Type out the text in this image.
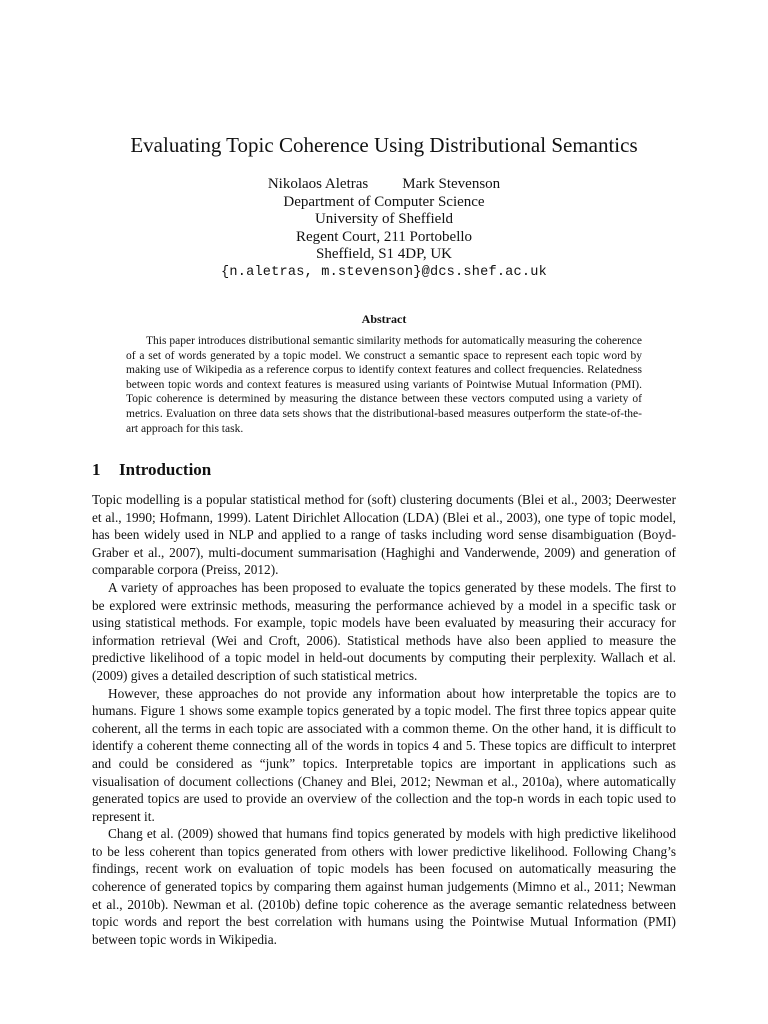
Evaluating Topic Coherence Using Distributional Semantics
Nikolaos Aletras Mark Stevenson
Department of Computer Science
University of Sheffield
Regent Court, 211 Portobello
Sheffield, S1 4DP, UK
{n.aletras, m.stevenson}@dcs.shef.ac.uk
Abstract

This paper introduces distributional semantic similarity methods for automatically measuring the coherence of a set of words generated by a topic model. We construct a semantic space to represent each topic word by making use of Wikipedia as a reference corpus to identify context features and collect frequencies. Relatedness between topic words and context features is measured using variants of Pointwise Mutual Information (PMI). Topic coherence is determined by measuring the distance between these vectors computed using a variety of metrics. Evaluation on three data sets shows that the distributional-based measures outperform the state-of-the-art approach for this task.

1 Introduction

Topic modelling is a popular statistical method for (soft) clustering documents (Blei et al., 2003; Deerwester et al., 1990; Hofmann, 1999). Latent Dirichlet Allocation (LDA) (Blei et al., 2003), one type of topic model, has been widely used in NLP and applied to a range of tasks including word sense disambiguation (Boyd-Graber et al., 2007), multi-document summarisation (Haghighi and Vanderwende, 2009) and generation of comparable corpora (Preiss, 2012).

A variety of approaches has been proposed to evaluate the topics generated by these models. The first to be explored were extrinsic methods, measuring the performance achieved by a model in a specific task or using statistical methods. For example, topic models have been evaluated by measuring their accuracy for information retrieval (Wei and Croft, 2006). Statistical methods have also been applied to measure the predictive likelihood of a topic model in held-out documents by computing their perplexity. Wallach et al. (2009) gives a detailed description of such statistical metrics.

However, these approaches do not provide any information about how interpretable the topics are to humans. Figure 1 shows some example topics generated by a topic model. The first three topics appear quite coherent, all the terms in each topic are associated with a common theme. On the other hand, it is difficult to identify a coherent theme connecting all of the words in topics 4 and 5. These topics are difficult to interpret and could be considered as “junk” topics. Interpretable topics are important in applications such as visualisation of document collections (Chaney and Blei, 2012; Newman et al., 2010a), where automatically generated topics are used to provide an overview of the collection and the top-n words in each topic used to represent it.

Chang et al. (2009) showed that humans find topics generated by models with high predictive likelihood to be less coherent than topics generated from others with lower predictive likelihood. Following Chang’s findings, recent work on evaluation of topic models has been focused on automatically measuring the coherence of generated topics by comparing them against human judgements (Mimno et al., 2011; Newman et al., 2010b). Newman et al. (2010b) define topic coherence as the average semantic relatedness between topic words and report the best correlation with humans using the Pointwise Mutual Information (PMI) between topic words in Wikipedia.
